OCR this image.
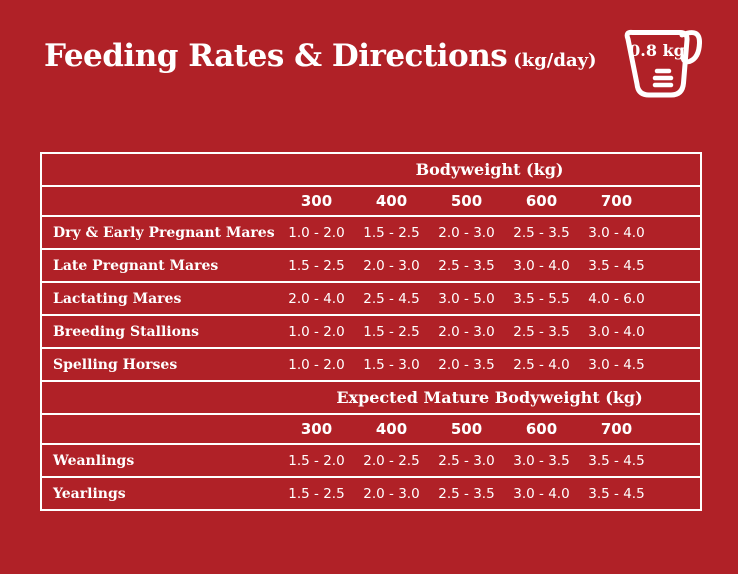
Feeding Rates & Directions (kg/day) 0.8 kg
	Bodyweight (kg)					
	300	400	500	600	700	
Dry & Early Pregnant Mares	1.0 - 2.0	1.5 - 2.5	2.0 - 3.0	2.5 - 3.5	3.0 - 4.0	
Late Pregnant Mares	1.5 - 2.5	2.0 - 3.0	2.5 - 3.5	3.0 - 4.0	3.5 - 4.5	
Lactating Mares	2.0 - 4.0	2.5 - 4.5	3.0 - 5.0	3.5 - 5.5	4.0 - 6.0	
Breeding Stallions	1.0 - 2.0	1.5 - 2.5	2.0 - 3.0	2.5 - 3.5	3.0 - 4.0	
Spelling Horses	1.0 - 2.0	1.5 - 3.0	2.0 - 3.5	2.5 - 4.0	3.0 - 4.5	
	Expected Mature Bodyweight (kg)					
	300	400	500	600	700	
Weanlings	1.5 - 2.0	2.0 - 2.5	2.5 - 3.0	3.0 - 3.5	3.5 - 4.5	
Yearlings	1.5 - 2.5	2.0 - 3.0	2.5 - 3.5	3.0 - 4.0	3.5 - 4.5	
